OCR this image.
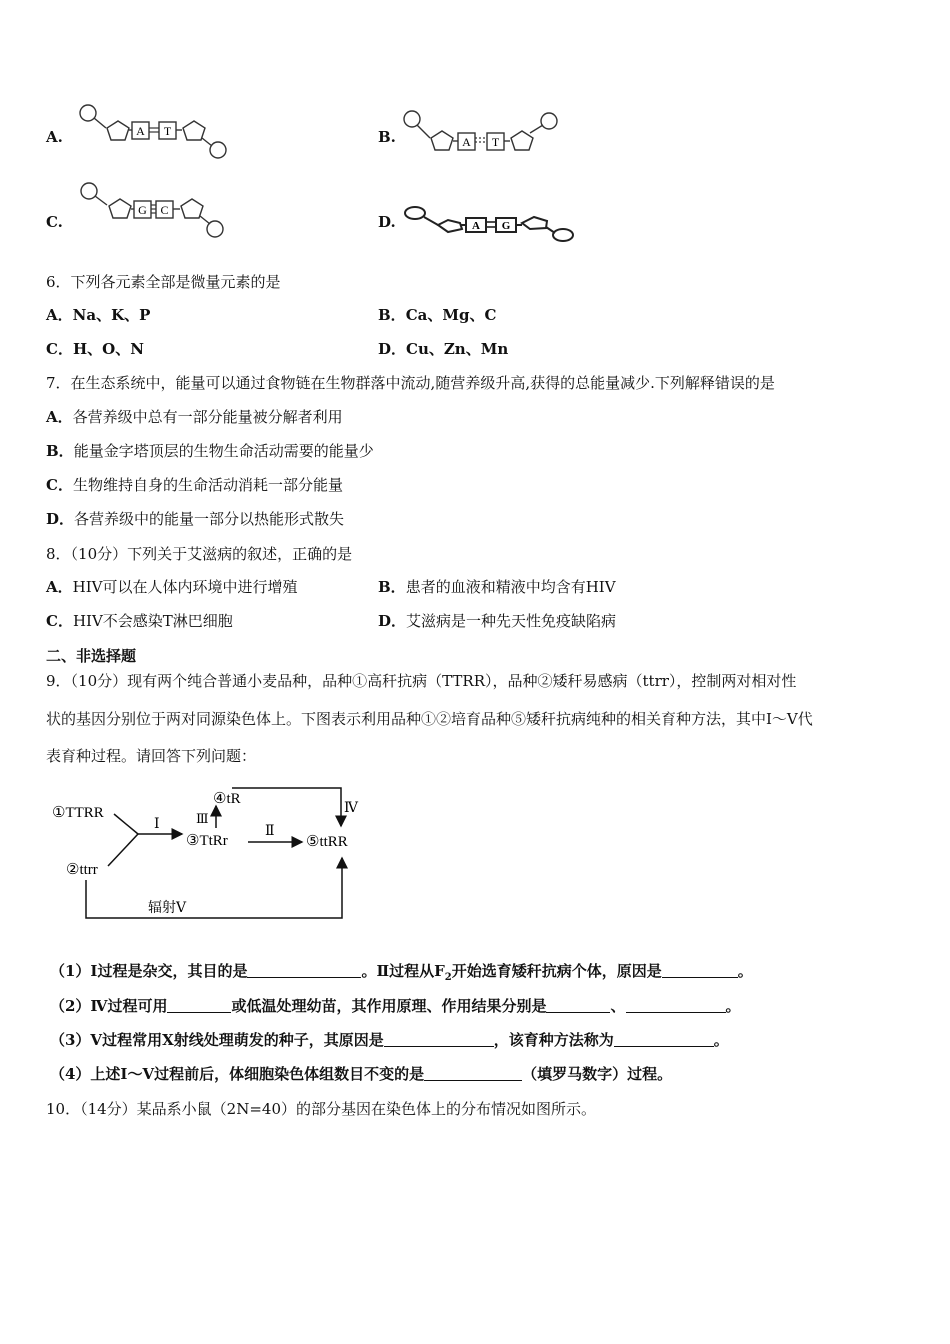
A.	A T	B.	A T
C.
G C
D.	A G
6．下列各元素全部是微量元素的是
A．Na、K、P	B．Ca、Mg、C
C．H、O、N	D．Cu、Zn、Mn
7．在生态系统中，能量可以通过食物链在生物群落中流动,随营养级升高,获得的总能量减少.下列解释错误的是
A．各营养级中总有一部分能量被分解者利用
B．能量金字塔顶层的生物生命活动需要的能量少
C．生物维持自身的生命活动消耗一部分能量
D．各营养级中的能量一部分以热能形式散失
8．（10分）下列关于艾滋病的叙述，正确的是
A．HIV可以在人体内环境中进行增殖	B．患者的血液和精液中均含有HIV
C．HIV不会感染T淋巴细胞	D．艾滋病是一种先天性免疫缺陷病
二、非选择题
9．（10分）现有两个纯合普通小麦品种，品种①高秆抗病（TTRR），品种②矮秆易感病（ttrr），控制两对相对性
状的基因分别位于两对同源染色体上。下图表示利用品种①②培育品种⑤矮秆抗病纯种的相关育种方法，其中Ⅰ～Ⅴ代
表育种过程。请回答下列问题：
①TTRR
②ttrr
③TtRr
④tR
⑤ttRR
Ⅰ	Ⅲ
Ⅱ
Ⅳ
辐射Ⅴ
（1）Ⅰ过程是杂交，其目的是	。Ⅱ过程从$F_2$开始选育矮秆抗病个体，原因是	。
（2）Ⅳ过程可用	或低温处理幼苗，其作用原理、作用结果分别是	、	。
（3）Ⅴ过程常用X射线处理萌发的种子，其原因是	，该育种方法称为	。
（4）上述Ⅰ～Ⅴ过程前后，体细胞染色体组数目不变的是	（填罗马数字）过程。
10．（14分）某品系小鼠（2N=40）的部分基因在染色体上的分布情况如图所示。
